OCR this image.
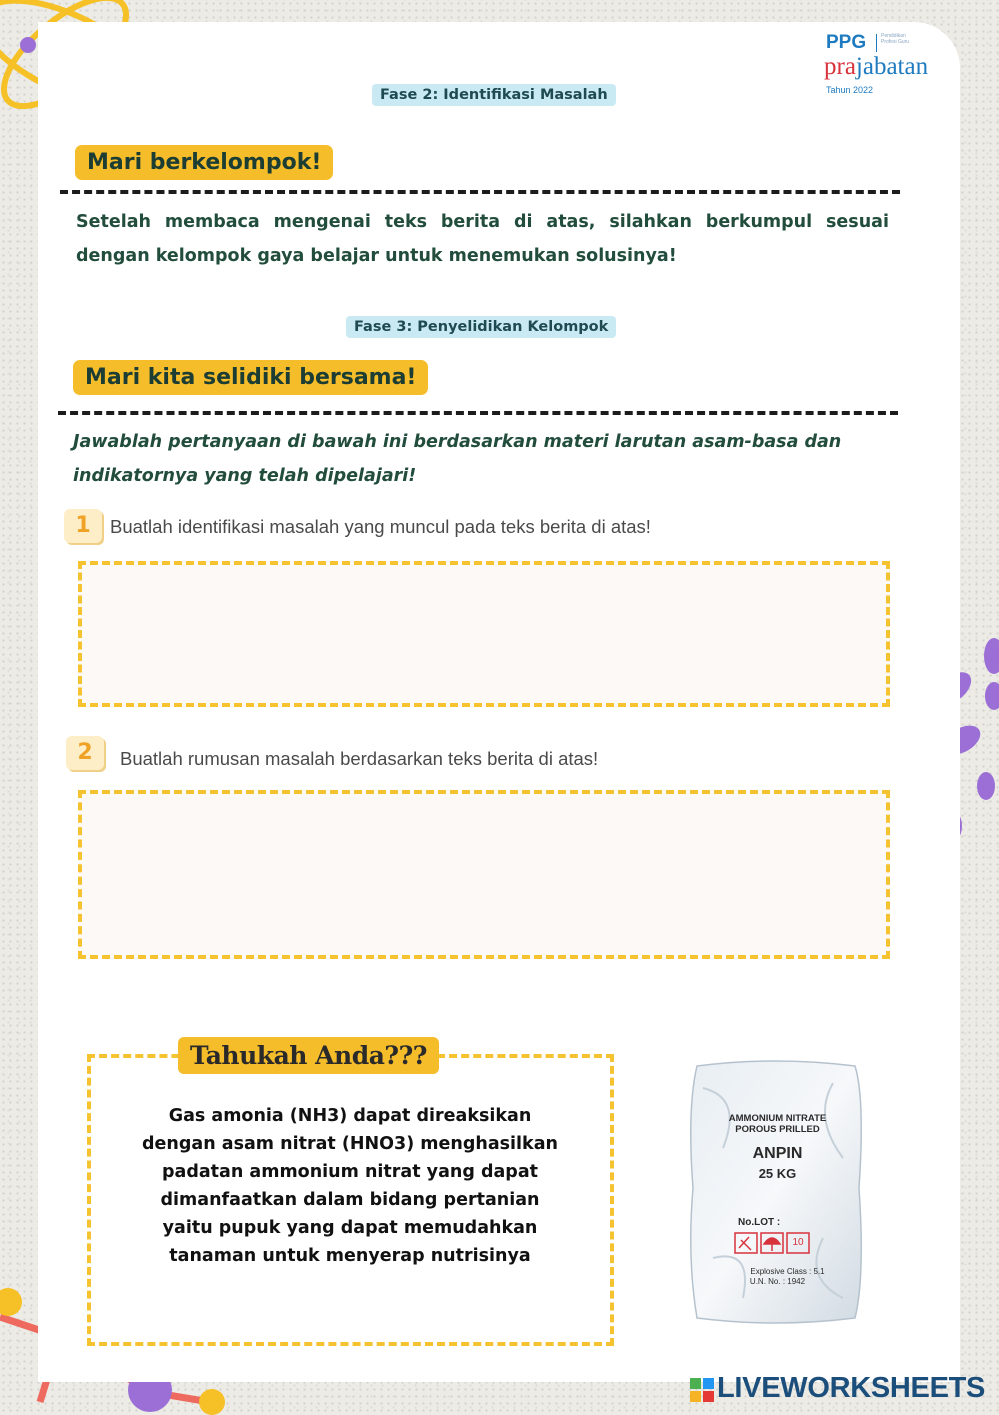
PPG	Pendidikan Profesi Guru
prajabatan
Tahun 2022
Fase 2: Identifikasi Masalah
Mari berkelompok!
Setelah membaca mengenai teks berita di atas, silahkan berkumpul sesuai dengan kelompok gaya belajar untuk menemukan solusinya!
Fase 3: Penyelidikan Kelompok
Mari kita selidiki bersama!
Jawablah pertanyaan di bawah ini berdasarkan materi larutan asam-basa dan indikatornya yang telah dipelajari!
1	Buatlah identifikasi masalah yang muncul pada teks berita di atas!
2	Buatlah rumusan masalah berdasarkan teks berita di atas!
Tahukah Anda???
Gas amonia (NH3) dapat direaksikan dengan asam nitrat (HNO3) menghasilkan padatan ammonium nitrat yang dapat dimanfaatkan dalam bidang pertanian yaitu pupuk yang dapat memudahkan tanaman untuk menyerap nutrisinya
AMMONIUM NITRATE
POROUS PRILLED
ANPIN
25 KG
No.LOT :
10
Explosive Class : 5.1
U.N. No. : 1942
LIVEWORKSHEETS
